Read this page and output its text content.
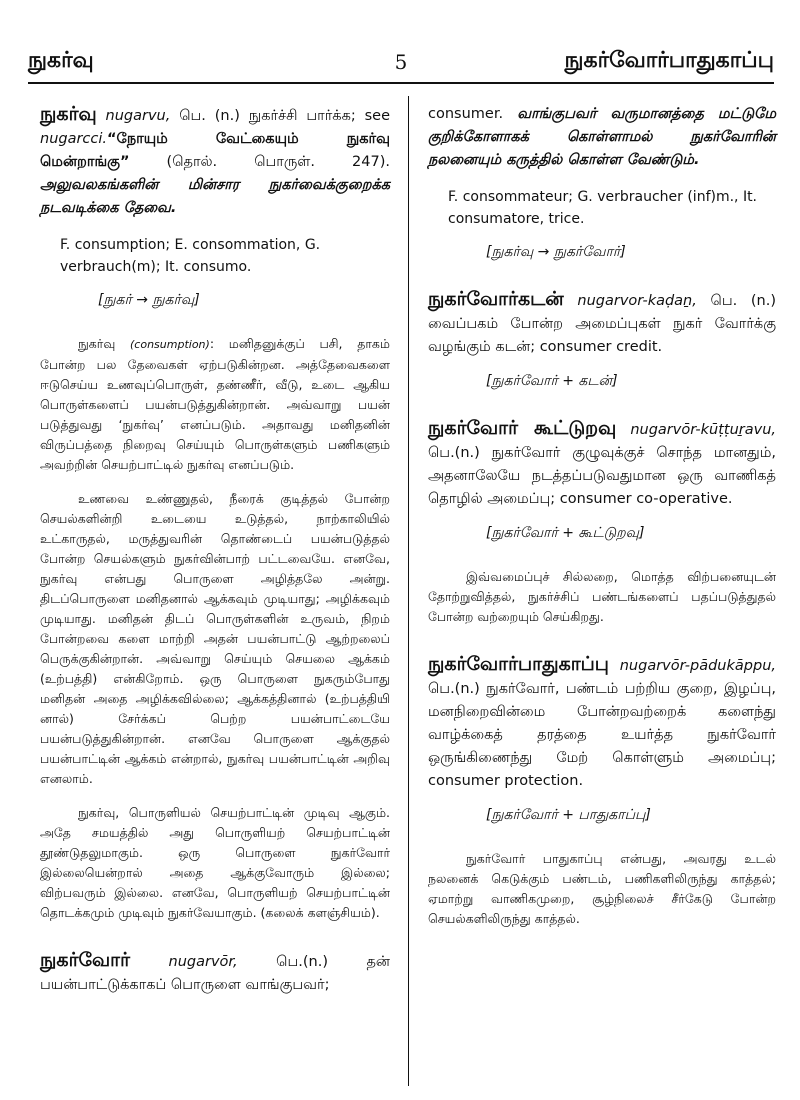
நுகர்வு	5	நுகர்வோர்பாதுகாப்பு

நுகர்வு nugarvu, பெ. (n.) நுகர்ச்சி பார்க்க; see nugarcci.“நோயும் வேட்கையும் நுகர்வு மென்றாங்கு” (தொல். பொருள். 247). அலுவலகங்களின் மின்சார நுகர்வைக்குறைக்க நடவடிக்கை தேவை.

F. consumption; E. consommation, G. verbrauch(m); It. consumo.

[நுகர் → நுகர்வு]

நுகர்வு (consumption): மனிதனுக்குப் பசி, தாகம் போன்ற பல தேவைகள் ஏற்படுகின்றன. அத்தேவைகளை ஈடுசெய்ய உணவுப்பொருள், தண்ணீர், வீடு, உடை ஆகிய பொருள்களைப் பயன்படுத்துகின்றான். அவ்வாறு பயன் படுத்துவது ‘நுகர்வு’ எனப்படும். அதாவது மனிதனின் விருப்பத்தை நிறைவு செய்யும் பொருள்களும் பணிகளும் அவற்றின் செயற்பாட்டில் நுகர்வு எனப்படும்.

உணவை உண்ணுதல், நீரைக் குடித்தல் போன்ற செயல்களின்றி உடையை உடுத்தல், நாற்காலியில் உட்காருதல், மருத்துவரின் தொண்டைப் பயன்படுத்தல் போன்ற செயல்களும் நுகர்வின்பாற் பட்டவையே. எனவே, நுகர்வு என்பது பொருளை அழித்தலே அன்று. திடப்பொருளை மனிதனால் ஆக்கவும் முடியாது; அழிக்கவும் முடியாது. மனிதன் திடப் பொருள்களின் உருவம், நிறம் போன்றவை களை மாற்றி அதன் பயன்பாட்டு ஆற்றலைப் பெருக்குகின்றான். அவ்வாறு செய்யும் செயலை ஆக்கம் (உற்பத்தி) என்கிறோம். ஒரு பொருளை நுகரும்போது மனிதன் அதை அழிக்கவில்லை; ஆக்கத்தினால் (உற்பத்தியி னால்) சேர்க்கப் பெற்ற பயன்பாட்டையே பயன்படுத்துகின்றான். எனவே பொருளை ஆக்குதல் பயன்பாட்டின் ஆக்கம் என்றால், நுகர்வு பயன்பாட்டின் அறிவு எனலாம்.

நுகர்வு, பொருளியல் செயற்பாட்டின் முடிவு ஆகும். அதே சமயத்தில் அது பொருளியற் செயற்பாட்டின் தூண்டுதலுமாகும். ஒரு பொருளை நுகர்வோர் இல்லையென்றால் அதை ஆக்குவோரும் இல்லை; விற்பவரும் இல்லை. எனவே, பொருளியற் செயற்பாட்டின் தொடக்கமும் முடிவும் நுகர்வேயாகும். (கலைக் களஞ்சியம்).

நுகர்வோர்	nugarvōr, பெ.(n.) தன் பயன்பாட்டுக்காகப் பொருளை வாங்குபவர்;

consumer. வாங்குபவர் வருமானத்தை மட்டுமே குறிக்கோளாகக் கொள்ளாமல் நுகர்வோரின் நலனையும் கருத்தில் கொள்ள வேண்டும்.

F. consommateur; G. verbraucher (inf)m., It. consumatore, trice.

[நுகர்வு → நுகர்வோர்]

நுகர்வோர்கடன் nugarvor-kaḍaṉ, பெ. (n.) வைப்பகம் போன்ற அமைப்புகள் நுகர் வோர்க்கு வழங்கும் கடன்; consumer credit.

[நுகர்வோர் + கடன்]

நுகர்வோர் கூட்டுறவு nugarvōr-kūṭṭuṟavu, பெ.(n.) நுகர்வோர் குழுவுக்குச் சொந்த மானதும், அதனாலேயே நடத்தப்படுவதுமான ஒரு வாணிகத் தொழில் அமைப்பு; consumer co-operative.

[நுகர்வோர் + கூட்டுறவு]

இவ்வமைப்புச் சில்லறை, மொத்த விற்பனையுடன் தோற்றுவித்தல், நுகர்ச்சிப் பண்டங்களைப் பதப்படுத்துதல் போன்ற வற்றையும் செய்கிறது.

நுகர்வோர்பாதுகாப்பு nugarvōr-pādukāppu, பெ.(n.) நுகர்வோர், பண்டம் பற்றிய குறை, இழப்பு, மனநிறைவின்மை போன்றவற்றைக் களைந்து வாழ்க்கைத் தரத்தை உயர்த்த நுகர்வோர் ஒருங்கிணைந்து மேற் கொள்ளும் அமைப்பு; consumer protection.

[நுகர்வோர் + பாதுகாப்பு]

நுகர்வோர் பாதுகாப்பு என்பது, அவரது உடல் நலனைக் கெடுக்கும் பண்டம், பணிகளிலிருந்து காத்தல்; ஏமாற்று வாணிகமுறை, சூழ்நிலைச் சீர்கேடு போன்ற செயல்களிலிருந்து காத்தல்.
